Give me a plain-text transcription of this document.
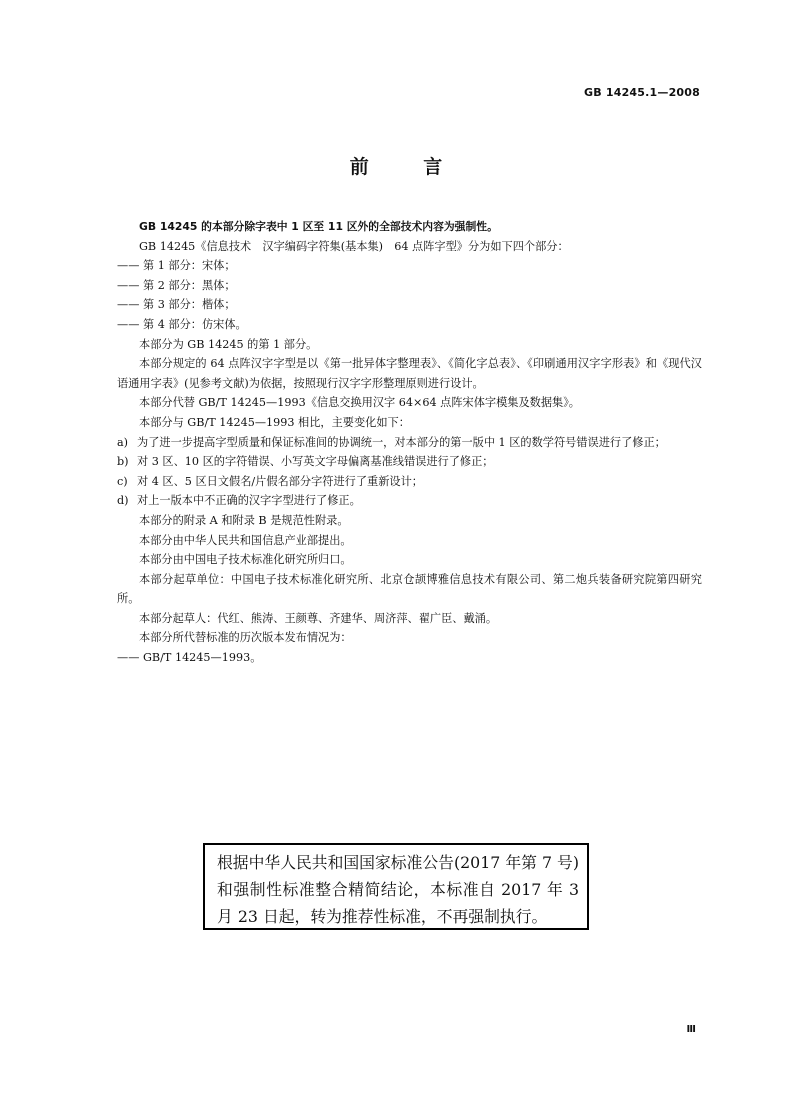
GB 14245.1—2008
前 言

GB 14245 的本部分除字表中 1 区至 11 区外的全部技术内容为强制性。

GB 14245《信息技术　汉字编码字符集(基本集)　64 点阵字型》分为如下四个部分：

—— 第 1 部分：宋体；

—— 第 2 部分：黑体；

—— 第 3 部分：楷体；

—— 第 4 部分：仿宋体。

本部分为 GB 14245 的第 1 部分。

本部分规定的 64 点阵汉字字型是以《第一批异体字整理表》、《简化字总表》、《印刷通用汉字字形表》和《现代汉语通用字表》(见参考文献)为依据，按照现行汉字字形整理原则进行设计。

本部分代替 GB/T 14245—1993《信息交换用汉字 64×64 点阵宋体字模集及数据集》。

本部分与 GB/T 14245—1993 相比，主要变化如下：

a) 为了进一步提高字型质量和保证标准间的协调统一，对本部分的第一版中 1 区的数学符号错误进行了修正；

b) 对 3 区、10 区的字符错误、小写英文字母偏离基准线错误进行了修正；

c) 对 4 区、5 区日文假名/片假名部分字符进行了重新设计；

d) 对上一版本中不正确的汉字字型进行了修正。

本部分的附录 A 和附录 B 是规范性附录。

本部分由中华人民共和国信息产业部提出。

本部分由中国电子技术标准化研究所归口。

本部分起草单位：中国电子技术标准化研究所、北京仓颉博雅信息技术有限公司、第二炮兵装备研究院第四研究所。

本部分起草人：代红、熊涛、王颜尊、齐建华、周济萍、翟广臣、戴涌。

本部分所代替标准的历次版本发布情况为：

—— GB/T 14245—1993。

根据中华人民共和国国家标准公告(2017 年第 7 号)和强制性标准整合精简结论，本标准自 2017 年 3 月 23 日起，转为推荐性标准，不再强制执行。
Ⅲ
